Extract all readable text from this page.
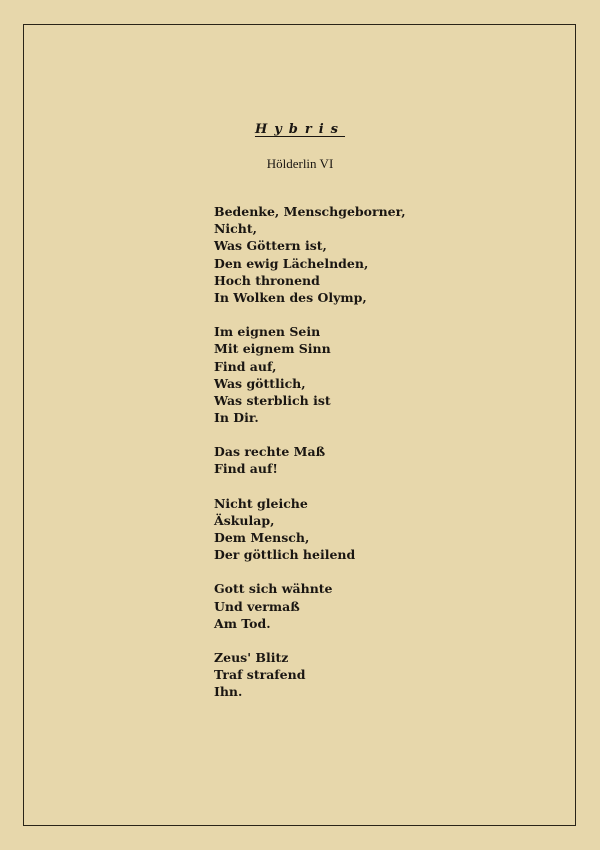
Hybris
Hölderlin VI
Bedenke, Menschgeborner,
Nicht,
Was Göttern ist,
Den ewig Lächelnden,
Hoch thronend
In Wolken des Olymp,
Im eignen Sein
Mit eignem Sinn
Find auf,
Was göttlich,
Was sterblich ist
In Dir.
Das rechte Maß
Find auf!
Nicht gleiche
Äskulap,
Dem Mensch,
Der göttlich heilend
Gott sich wähnte
Und vermaß
Am Tod.
Zeus' Blitz
Traf strafend
Ihn.
